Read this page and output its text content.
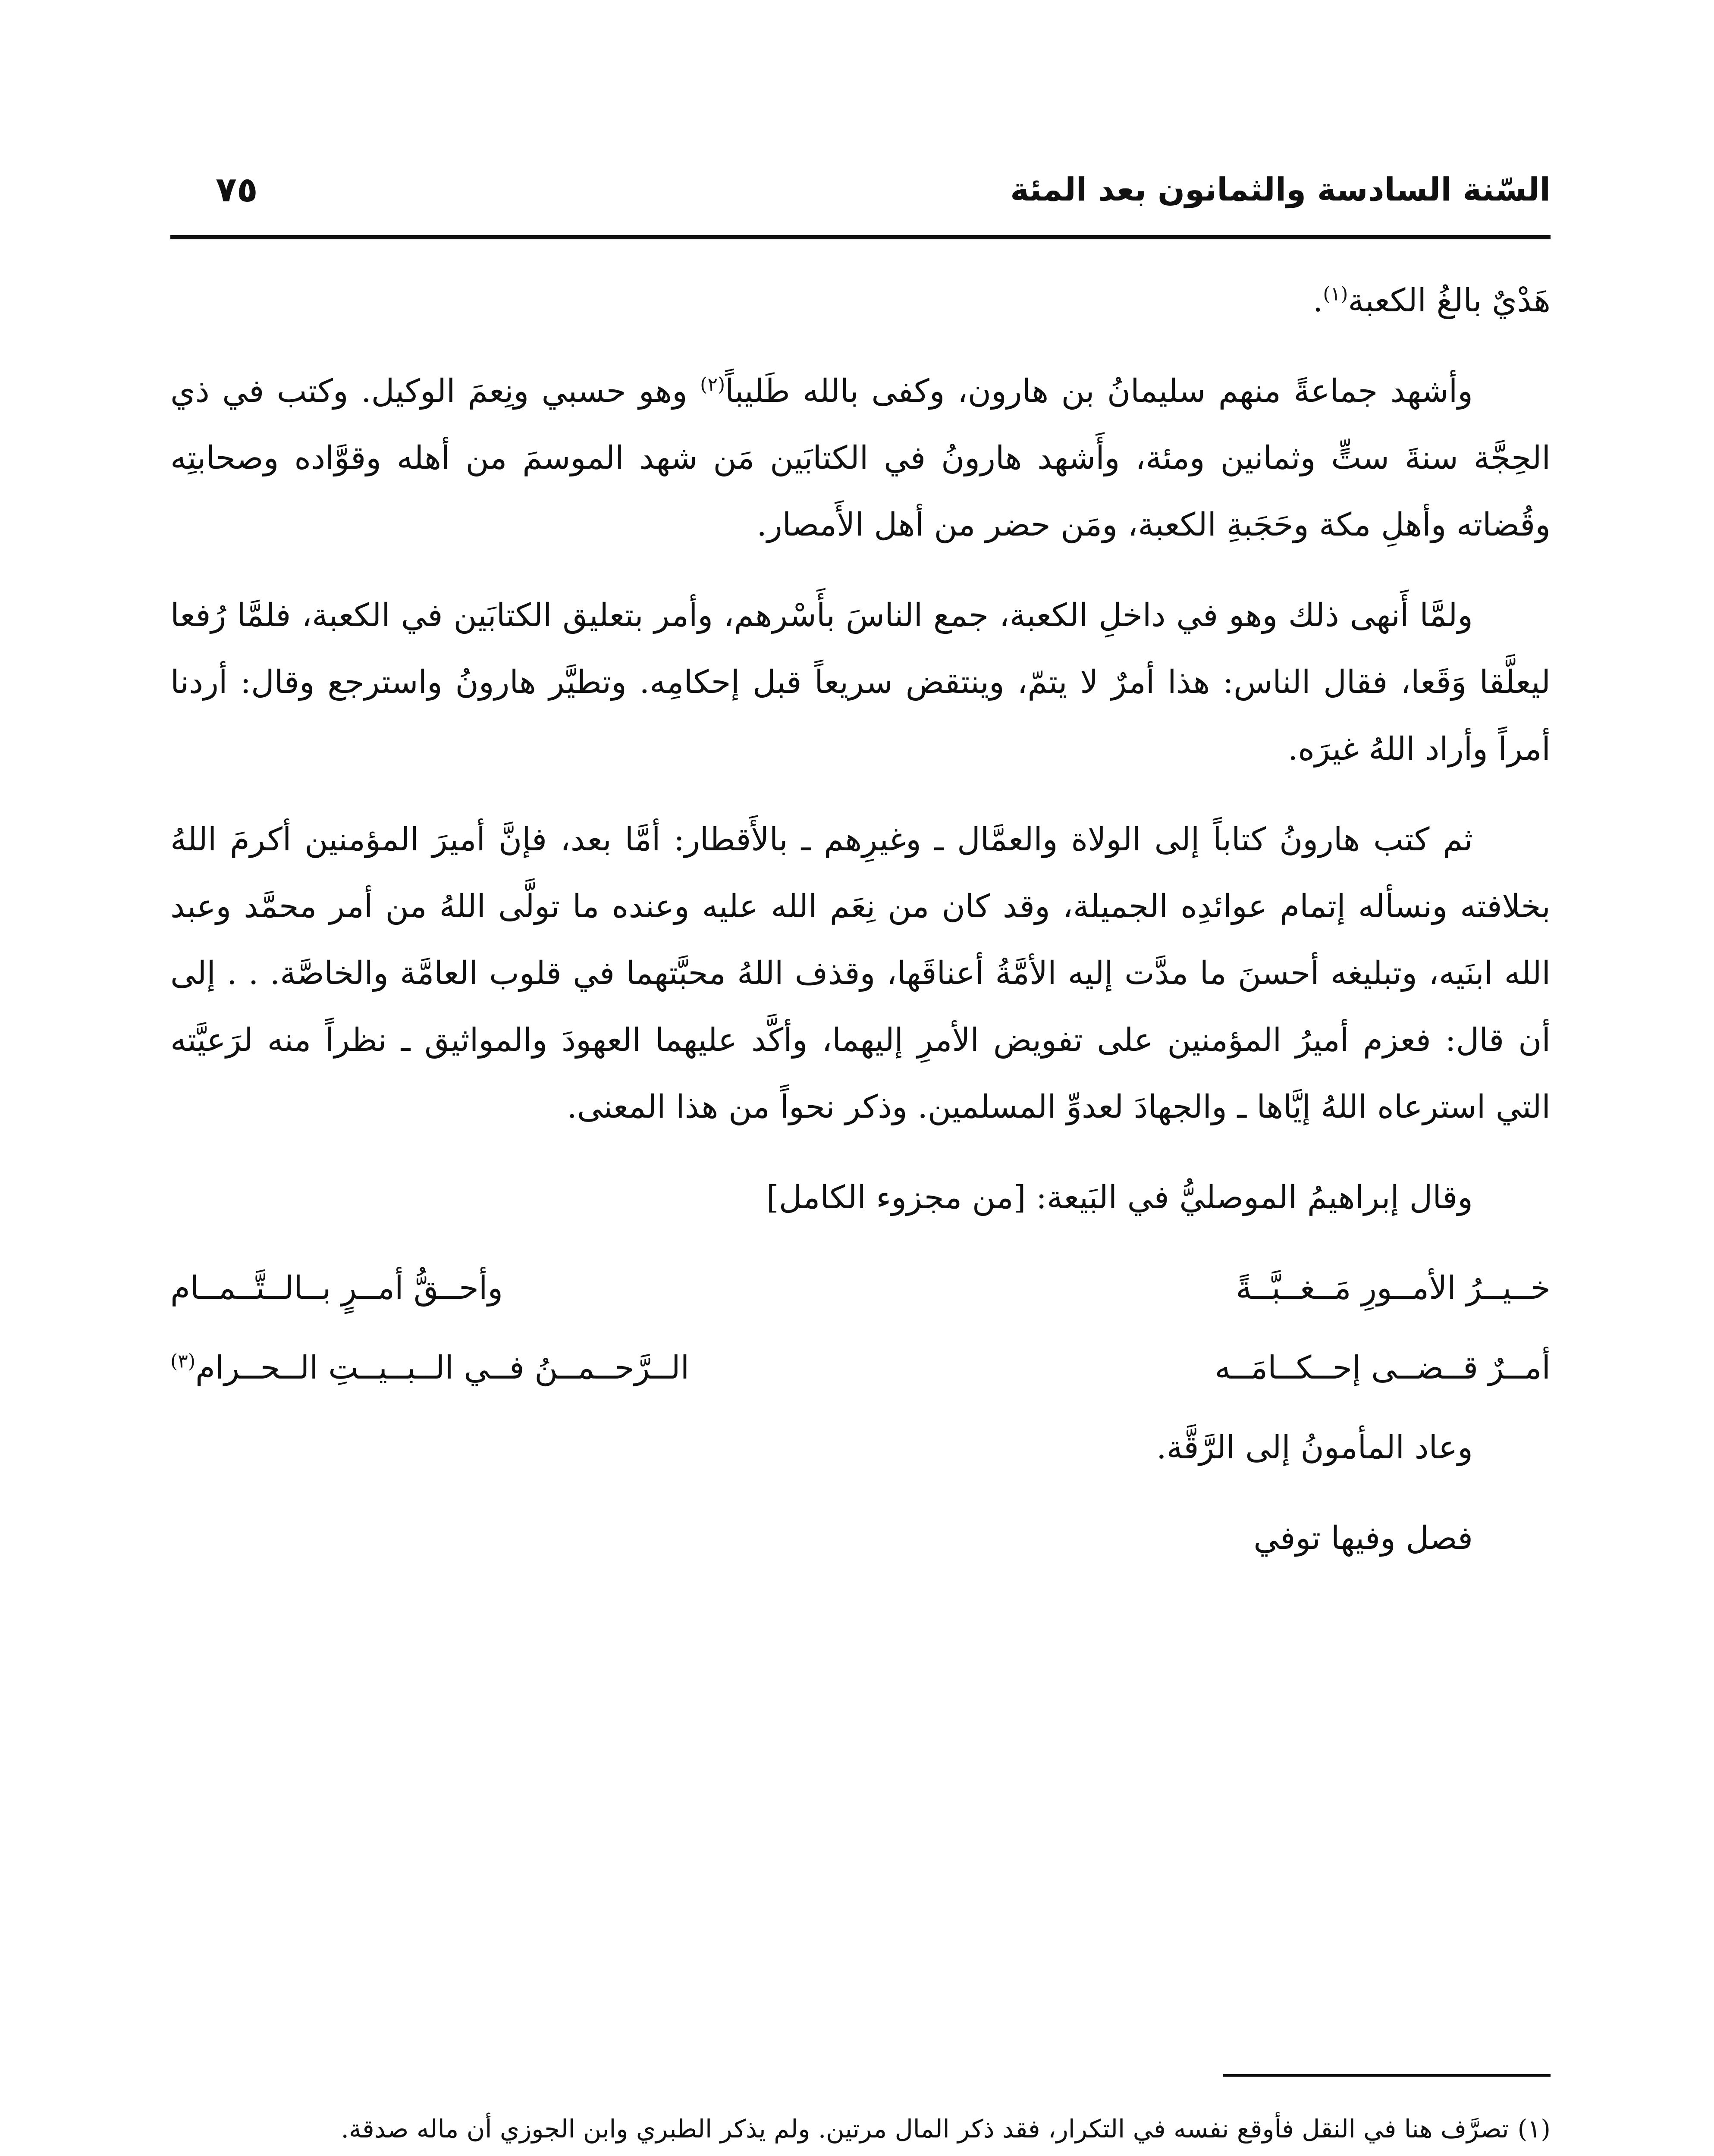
السّنة السادسة والثمانون بعد المئة
٧٥

هَدْيٌ بالغُ الكعبة$^{(١)}$.

وأشهد جماعةً منهم سليمانُ بن هارون، وكفى بالله طَليباً$^{(٢)}$ وهو حسبي ونِعمَ الوكيل. وكتب في ذي الحِجَّة سنةَ ستٍّ وثمانين ومئة، وأَشهد هارونُ في الكتابَين مَن شهد الموسمَ من أهله وقوَّاده وصحابتِه وقُضاته وأهلِ مكة وحَجَبةِ الكعبة، ومَن حضر من أهل الأَمصار.

ولمَّا أَنهى ذلك وهو في داخلِ الكعبة، جمع الناسَ بأَسْرهم، وأمر بتعليق الكتابَين في الكعبة، فلمَّا رُفعا ليعلَّقا وَقَعا، فقال الناس: هذا أمرٌ لا يتمّ، وينتقض سريعاً قبل إحكامِه. وتطيَّر هارونُ واسترجع وقال: أردنا أمراً وأراد اللهُ غيرَه.

ثم كتب هارونُ كتاباً إلى الولاة والعمَّال ـ وغيرِهم ـ بالأَقطار: أمَّا بعد، فإنَّ أميرَ المؤمنين أكرمَ اللهُ بخلافته ونسأله إتمام عوائدِه الجميلة، وقد كان من نِعَم الله عليه وعنده ما تولَّى اللهُ من أمر محمَّد وعبد الله ابنَيه، وتبليغه أحسنَ ما مدَّت إليه الأمَّةُ أعناقَها، وقذف اللهُ محبَّتهما في قلوب العامَّة والخاصَّة. . . إلى أن قال: فعزم أميرُ المؤمنين على تفويض الأمرِ إليهما، وأكَّد عليهما العهودَ والمواثيق ـ نظراً منه لرَعيَّته التي استرعاه اللهُ إيَّاها ـ والجهادَ لعدوِّ المسلمين. وذكر نحواً من هذا المعنى.

وقال إبراهيمُ الموصليُّ في البَيعة: [من مجزوء الكامل]

خــيــرُ الأمــورِ مَــغــبَّــةً
وأحــقُّ أمــرٍ بــالــتَّــمــام
أمــرٌ قــضــى إحــكــامَــه
الــرَّحــمــنُ فــي الــبــيــتِ الــحــرام$^{(٣)}$

وعاد المأمونُ إلى الرَّقَّة.

فصل وفيها توفي

(١)تصرَّف هنا في النقل فأوقع نفسه في التكرار، فقد ذكر المال مرتين. ولم يذكر الطبري وابن الجوزي أن ماله صدقة.
